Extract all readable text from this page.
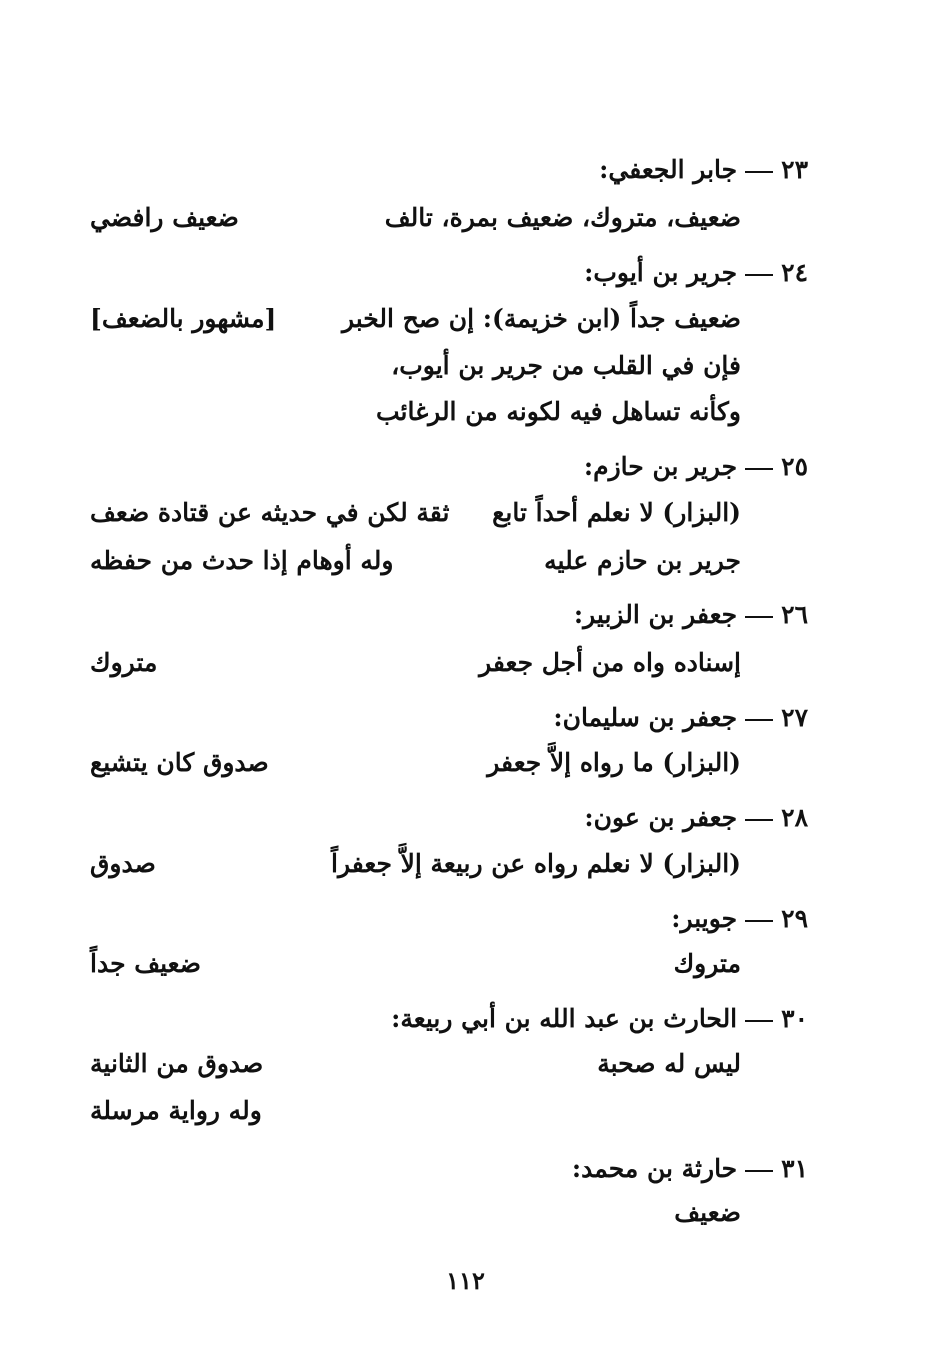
٢٣جابر الجعفي:
ضعيف، متروك، ضعيف بمرة، تالف
ضعيف رافضي
٢٤جرير بن أيوب:
ضعيف جداً (ابن خزيمة): إن صح الخبر
[مشهور بالضعف]
فإن في القلب من جرير بن أيوب،
وكأنه تساهل فيه لكونه من الرغائب
٢٥جرير بن حازم:
(البزار) لا نعلم أحداً تابع
ثقة لكن في حديثه عن قتادة ضعف
جرير بن حازم عليه
وله أوهام إذا حدث من حفظه
٢٦جعفر بن الزبير:
إسناده واه من أجل جعفر
متروك
٢٧جعفر بن سليمان:
(البزار) ما رواه إلاَّ جعفر
صدوق كان يتشيع
٢٨جعفر بن عون:
(البزار) لا نعلم رواه عن ربيعة إلاَّ جعفراً
صدوق
٢٩جويبر:
متروك
ضعيف جداً
٣٠الحارث بن عبد الله بن أبي ربيعة:
ليس له صحبة
صدوق من الثانية
وله رواية مرسلة
٣١حارثة بن محمد:
ضعيف
١١٢
